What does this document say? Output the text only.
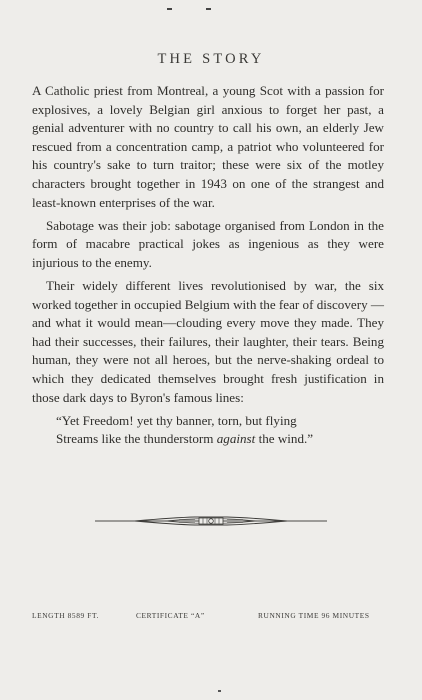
THE STORY

A Catholic priest from Montreal, a young Scot with a passion for explosives, a lovely Belgian girl anxious to forget her past, a genial adventurer with no country to call his own, an elderly Jew rescued from a concentration camp, a patriot who volunteered for his country's sake to turn traitor; these were six of the motley characters brought together in 1943 on one of the strangest and least-known enterprises of the war.

Sabotage was their job: sabotage organised from London in the form of macabre practical jokes as ingenious as they were injurious to the enemy.

Their widely different lives revolutionised by war, the six worked together in occupied Belgium with the fear of discovery —and what it would mean—clouding every move they made. They had their successes, their failures, their laughter, their tears. Being human, they were not all heroes, but the nerve-shaking ordeal to which they dedicated themselves brought fresh justification in those dark days to Byron's famous lines:

“Yet Freedom! yet thy banner, torn, but flying
Streams like the thunderstorm against the wind.”
LENGTH 8589 FT.	CERTIFICATE “A”	RUNNING TIME 96 MINUTES
